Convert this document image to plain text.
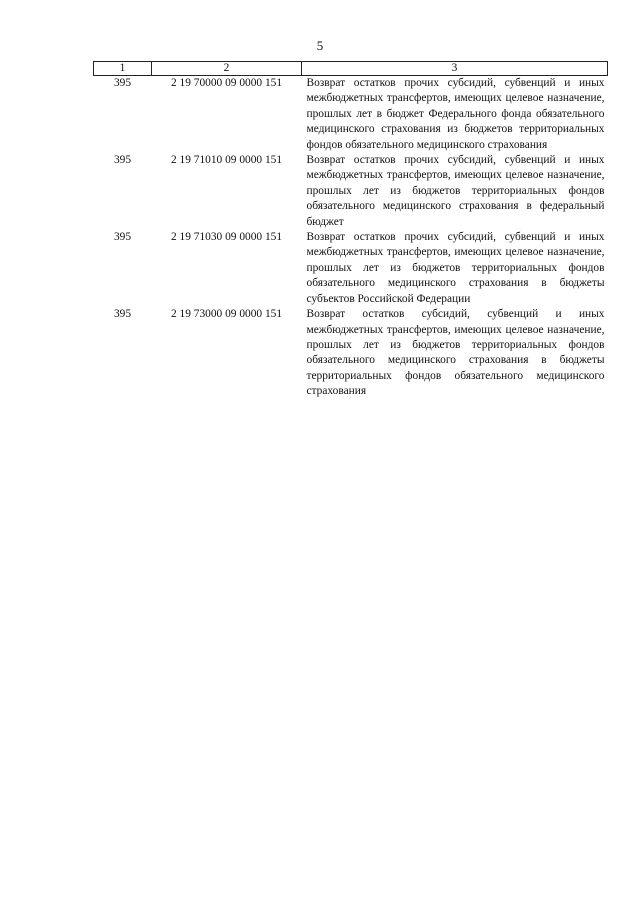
5
1	2	3
395	2 19 70000 09 0000 151	Возврат остатков прочих субсидий, субвенций и иных межбюджетных трансфертов, имеющих целевое назначение, прошлых лет в бюджет Федерального фонда обязательного медицинского страхования из бюджетов территориальных фондов обязательного медицинского страхования
395	2 19 71010 09 0000 151	Возврат остатков прочих субсидий, субвенций и иных межбюджетных трансфертов, имеющих целевое назначение, прошлых лет из бюджетов территориальных фондов обязательного медицинского страхования в федеральный бюджет
395	2 19 71030 09 0000 151	Возврат остатков прочих субсидий, субвенций и иных межбюджетных трансфертов, имеющих целевое назначение, прошлых лет из бюджетов территориальных фондов обязательного медицинского страхования в бюджеты субъектов Российской Федерации
395	2 19 73000 09 0000 151	Возврат остатков субсидий, субвенций и иных межбюджетных трансфертов, имеющих целевое назначение, прошлых лет из бюджетов территориальных фондов обязательного медицинского страхования в бюджеты территориальных фондов обязательного медицинского страхования
